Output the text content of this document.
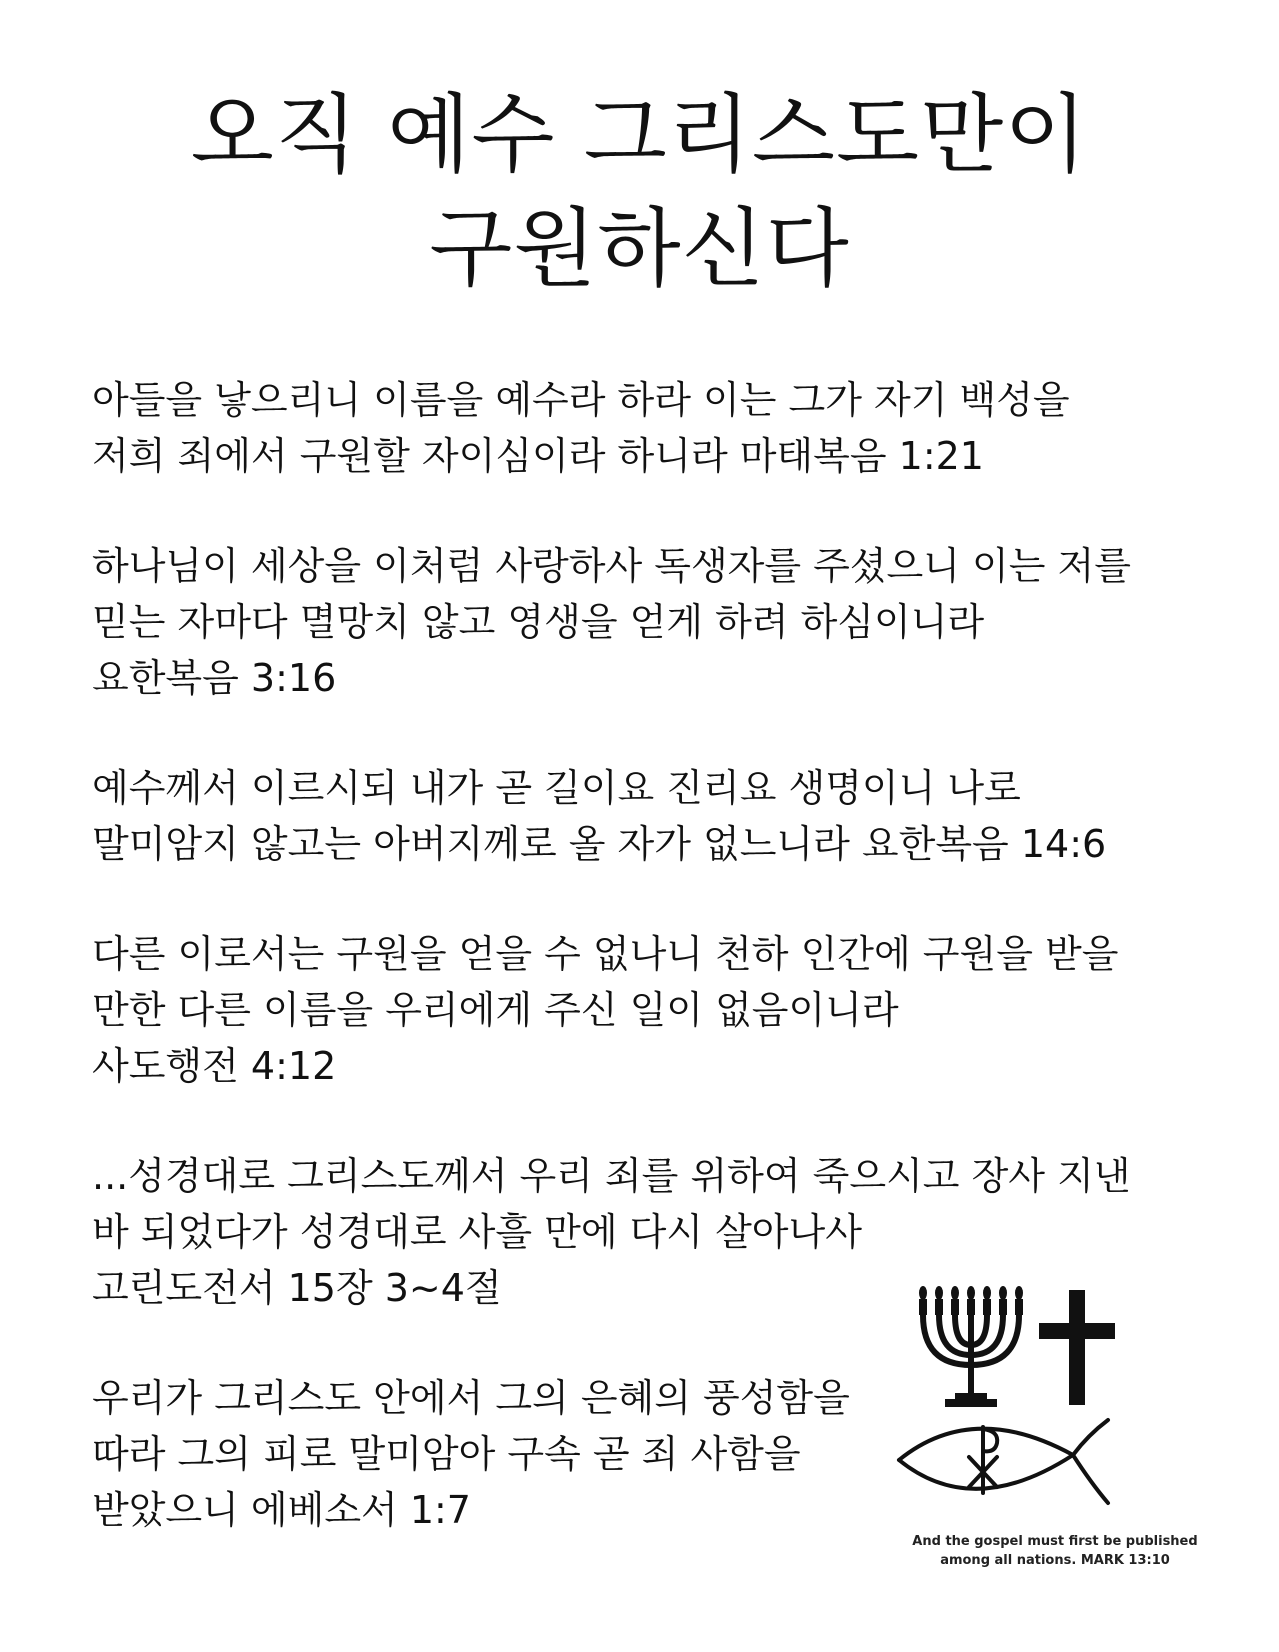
오직 예수 그리스도만이
구원하신다

아들을 낳으리니 이름을 예수라 하라 이는 그가 자기 백성을
저희 죄에서 구원할 자이심이라 하니라 마태복음 1:21

하나님이 세상을 이처럼 사랑하사 독생자를 주셨으니 이는 저를
믿는 자마다 멸망치 않고 영생을 얻게 하려 하심이니라
요한복음 3:16

예수께서 이르시되 내가 곧 길이요 진리요 생명이니 나로
말미암지 않고는 아버지께로 올 자가 없느니라 요한복음 14:6

다른 이로서는 구원을 얻을 수 없나니 천하 인간에 구원을 받을
만한 다른 이름을 우리에게 주신 일이 없음이니라
사도행전 4:12

...성경대로 그리스도께서 우리 죄를 위하여 죽으시고 장사 지낸
바 되었다가 성경대로 사흘 만에 다시 살아나사
고린도전서 15장 3~4절

우리가 그리스도 안에서 그의 은혜의 풍성함을
따라 그의 피로 말미암아 구속 곧 죄 사함을
받았으니 에베소서 1:7

And the gospel must first be published
among all nations. MARK 13:10
